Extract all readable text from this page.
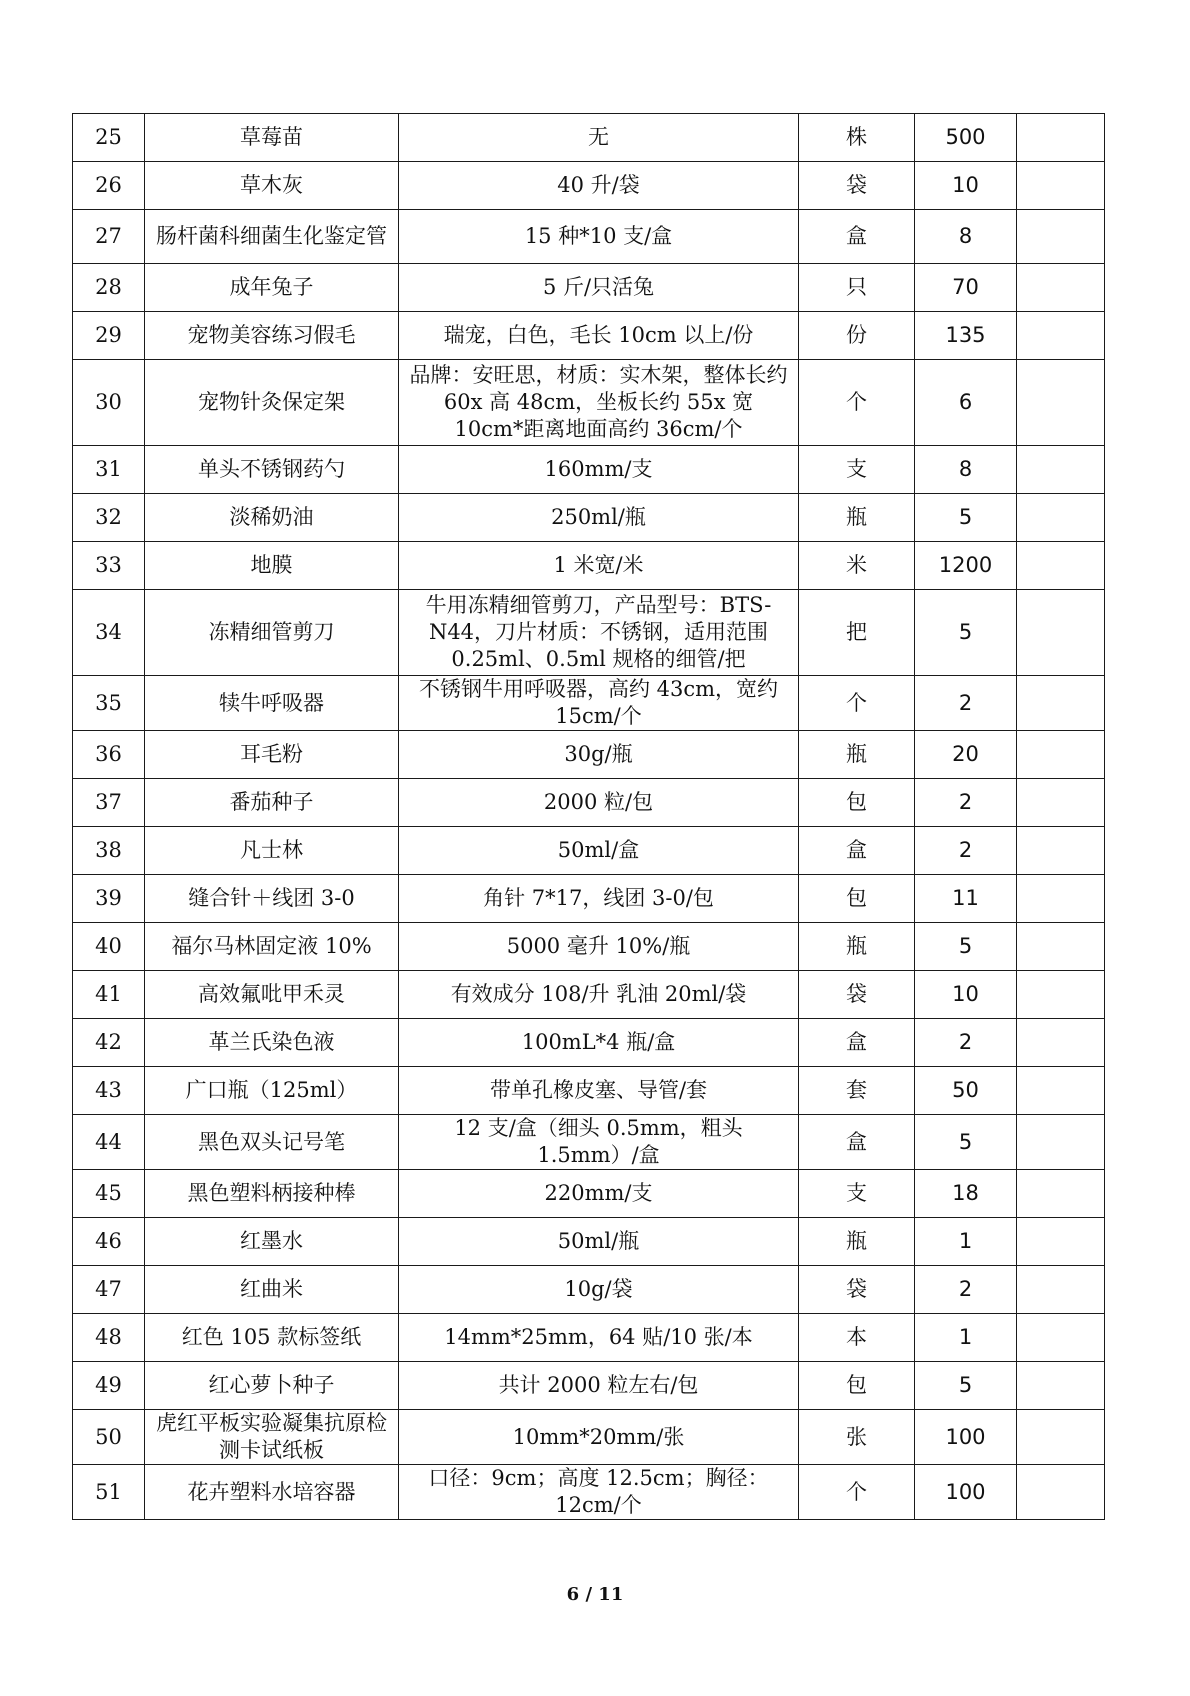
25	草莓苗	无	株	500	
26	草木灰	40 升/袋	袋	10	
27	肠杆菌科细菌生化鉴定管	15 种*10 支/盒	盒	8	
28	成年兔子	5 斤/只活兔	只	70	
29	宠物美容练习假毛	瑞宠，白色，毛长 10cm 以上/份	份	135	
30	宠物针灸保定架	品牌：安旺思，材质：实木架，整体长约 60x 高 48cm，坐板长约 55x 宽 10cm*距离地面高约 36cm/个	个	6	
31	单头不锈钢药勺	160mm/支	支	8	
32	淡稀奶油	250ml/瓶	瓶	5	
33	地膜	1 米宽/米	米	1200	
34	冻精细管剪刀	牛用冻精细管剪刀，产品型号：BTS-N44，刀片材质：不锈钢，适用范围 0.25ml、0.5ml 规格的细管/把	把	5	
35	犊牛呼吸器	不锈钢牛用呼吸器，高约 43cm，宽约 15cm/个	个	2	
36	耳毛粉	30g/瓶	瓶	20	
37	番茄种子	2000 粒/包	包	2	
38	凡士林	50ml/盒	盒	2	
39	缝合针＋线团 3-0	角针 7*17，线团 3-0/包	包	11	
40	福尔马林固定液 10%	5000 毫升 10%/瓶	瓶	5	
41	高效氟吡甲禾灵	有效成分 108/升 乳油 20ml/袋	袋	10	
42	革兰氏染色液	100mL*4 瓶/盒	盒	2	
43	广口瓶（125ml）	带单孔橡皮塞、导管/套	套	50	
44	黑色双头记号笔	12 支/盒（细头 0.5mm，粗头 1.5mm）/盒	盒	5	
45	黑色塑料柄接种棒	220mm/支	支	18	
46	红墨水	50ml/瓶	瓶	1	
47	红曲米	10g/袋	袋	2	
48	红色 105 款标签纸	14mm*25mm，64 贴/10 张/本	本	1	
49	红心萝卜种子	共计 2000 粒左右/包	包	5	
50	虎红平板实验凝集抗原检测卡试纸板	10mm*20mm/张	张	100	
51	花卉塑料水培容器	口径：9cm；高度 12.5cm；胸径：12cm/个	个	100	
6 / 11
